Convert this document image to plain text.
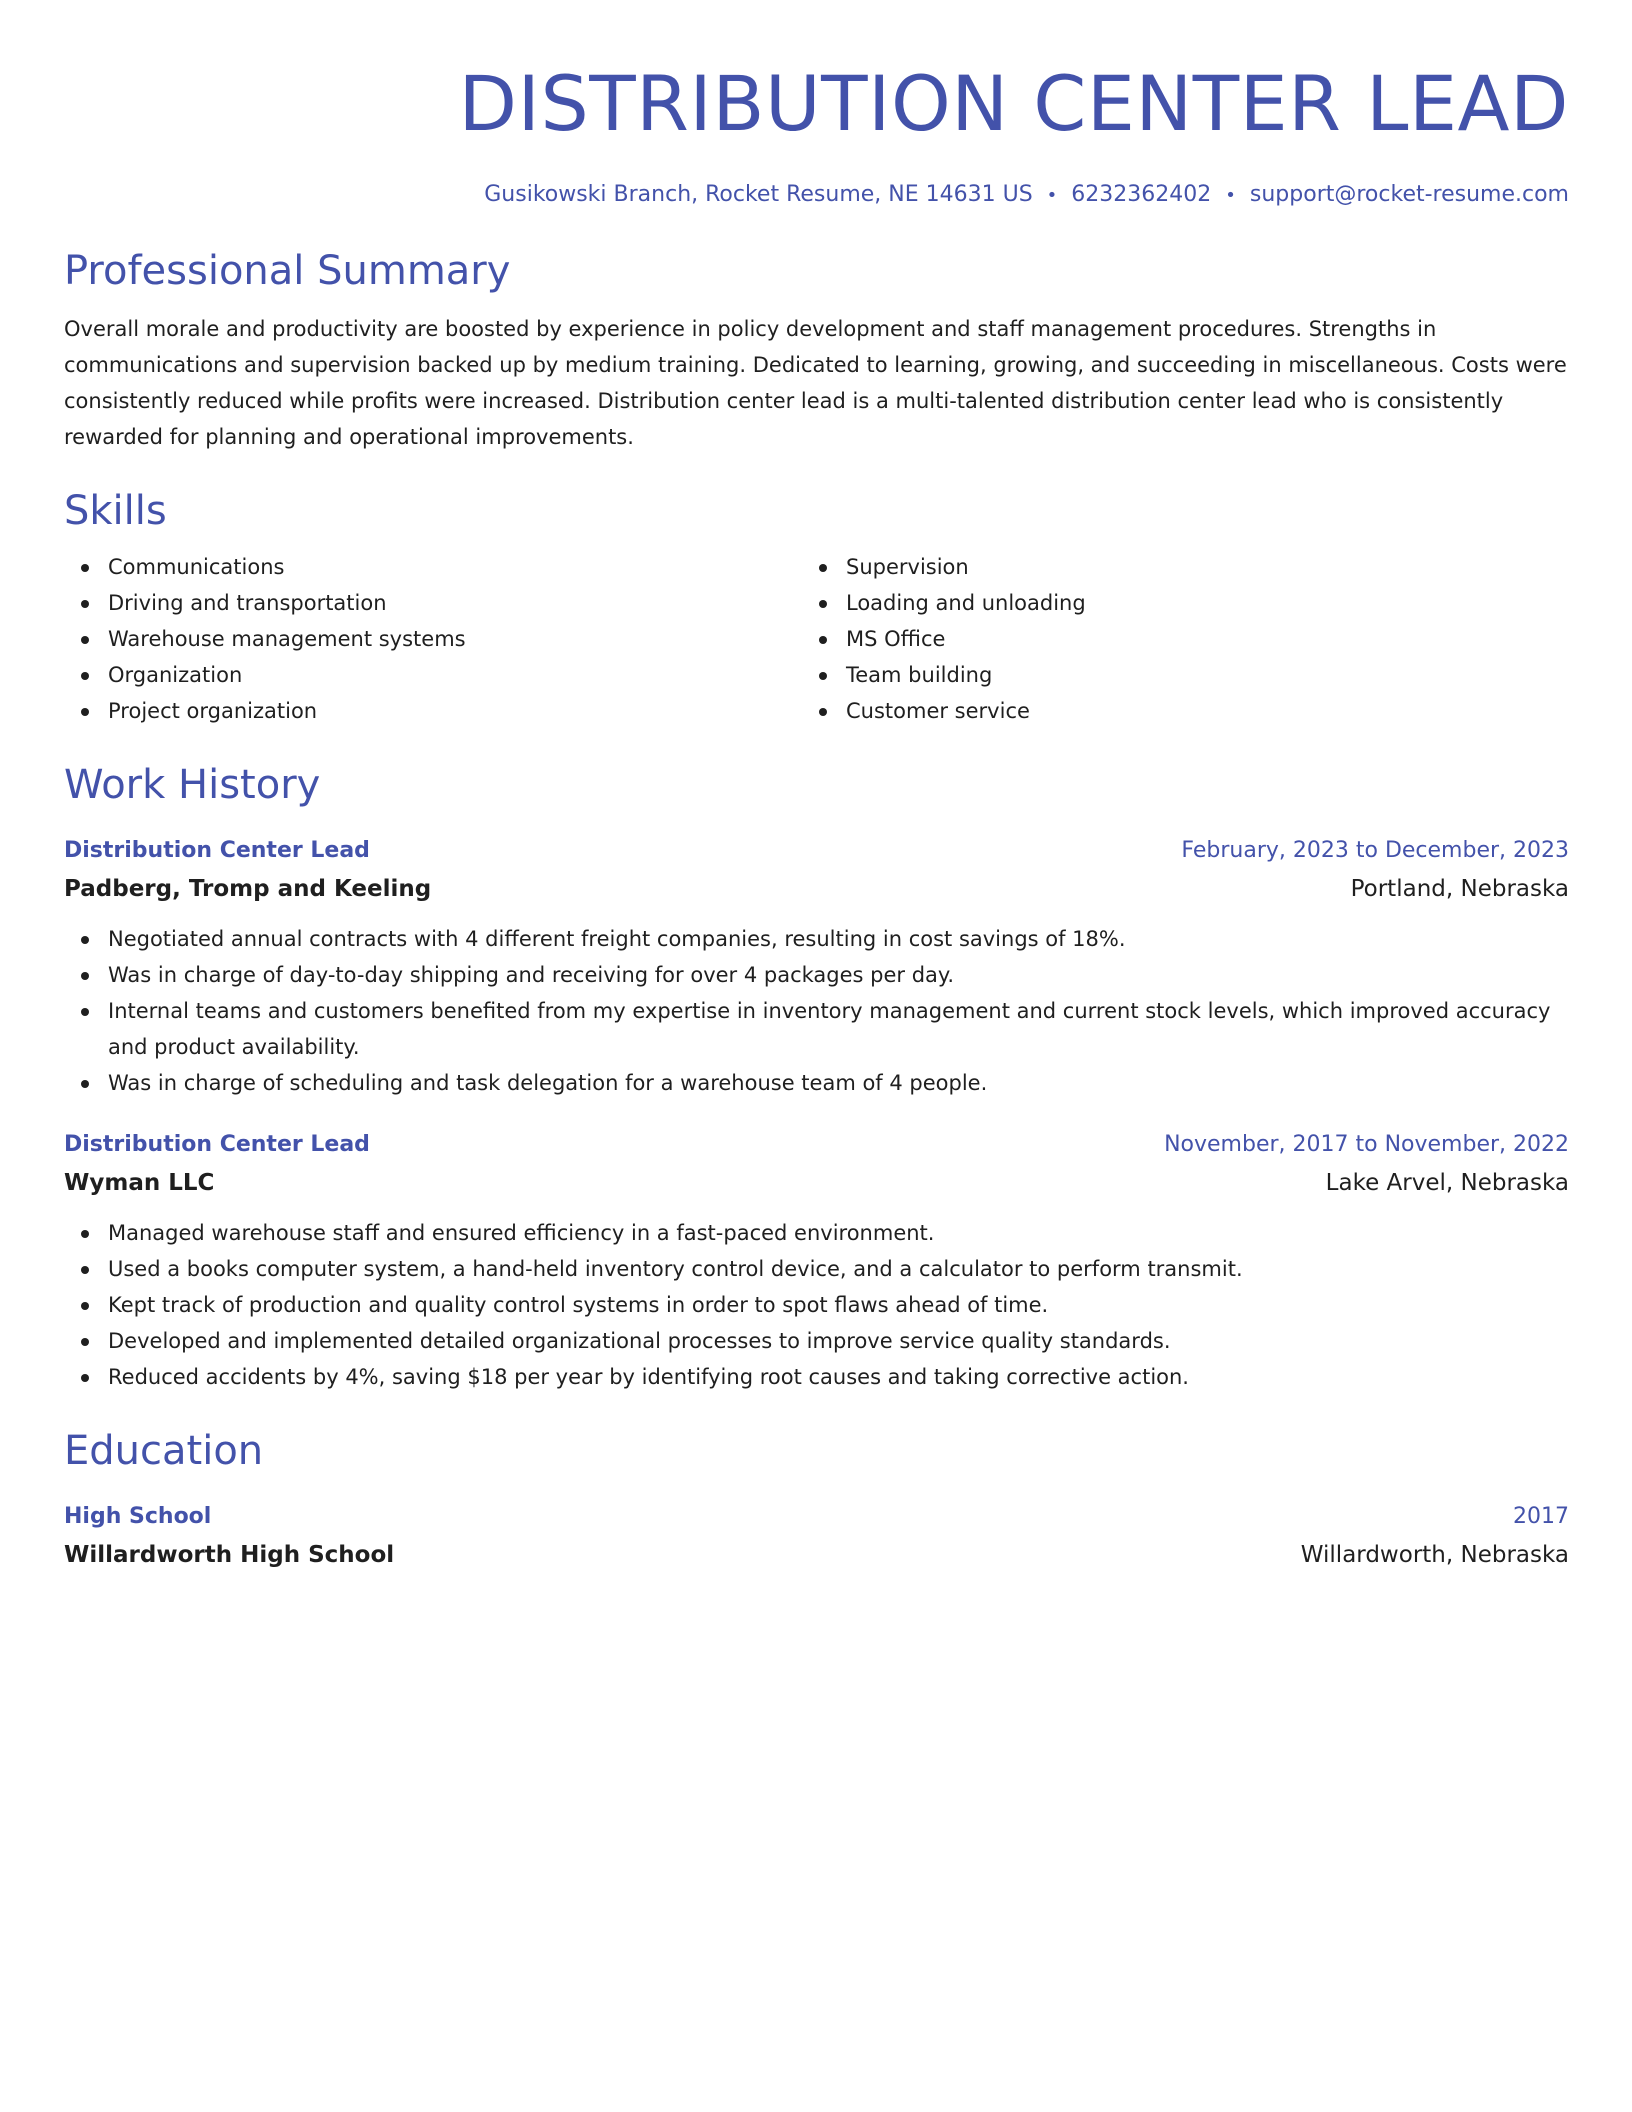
DISTRIBUTION CENTER LEAD
Gusikowski Branch, Rocket Resume, NE 14631 US • 6232362402 • support@rocket-resume.com
Professional Summary

Overall morale and productivity are boosted by experience in policy development and staff management procedures. Strengths in communications and supervision backed up by medium training. Dedicated to learning, growing, and succeeding in miscellaneous. Costs were consistently reduced while profits were increased. Distribution center lead is a multi-talented distribution center lead who is consistently rewarded for planning and operational improvements.

Skills
Communications
Driving and transportation
Warehouse management systems
Organization
Project organization
Supervision
Loading and unloading
MS Office
Team building
Customer service
Work History
Distribution Center Lead	February, 2023 to December, 2023
Padberg, Tromp and Keeling	Portland, Nebraska
Negotiated annual contracts with 4 different freight companies, resulting in cost savings of 18%.
Was in charge of day-to-day shipping and receiving for over 4 packages per day.
Internal teams and customers benefited from my expertise in inventory management and current stock levels, which improved accuracy and product availability.
Was in charge of scheduling and task delegation for a warehouse team of 4 people.
Distribution Center Lead	November, 2017 to November, 2022
Wyman LLC	Lake Arvel, Nebraska
Managed warehouse staff and ensured efficiency in a fast-paced environment.
Used a books computer system, a hand-held inventory control device, and a calculator to perform transmit.
Kept track of production and quality control systems in order to spot flaws ahead of time.
Developed and implemented detailed organizational processes to improve service quality standards.
Reduced accidents by 4%, saving $18 per year by identifying root causes and taking corrective action.
Education
High School	2017
Willardworth High School	Willardworth, Nebraska
